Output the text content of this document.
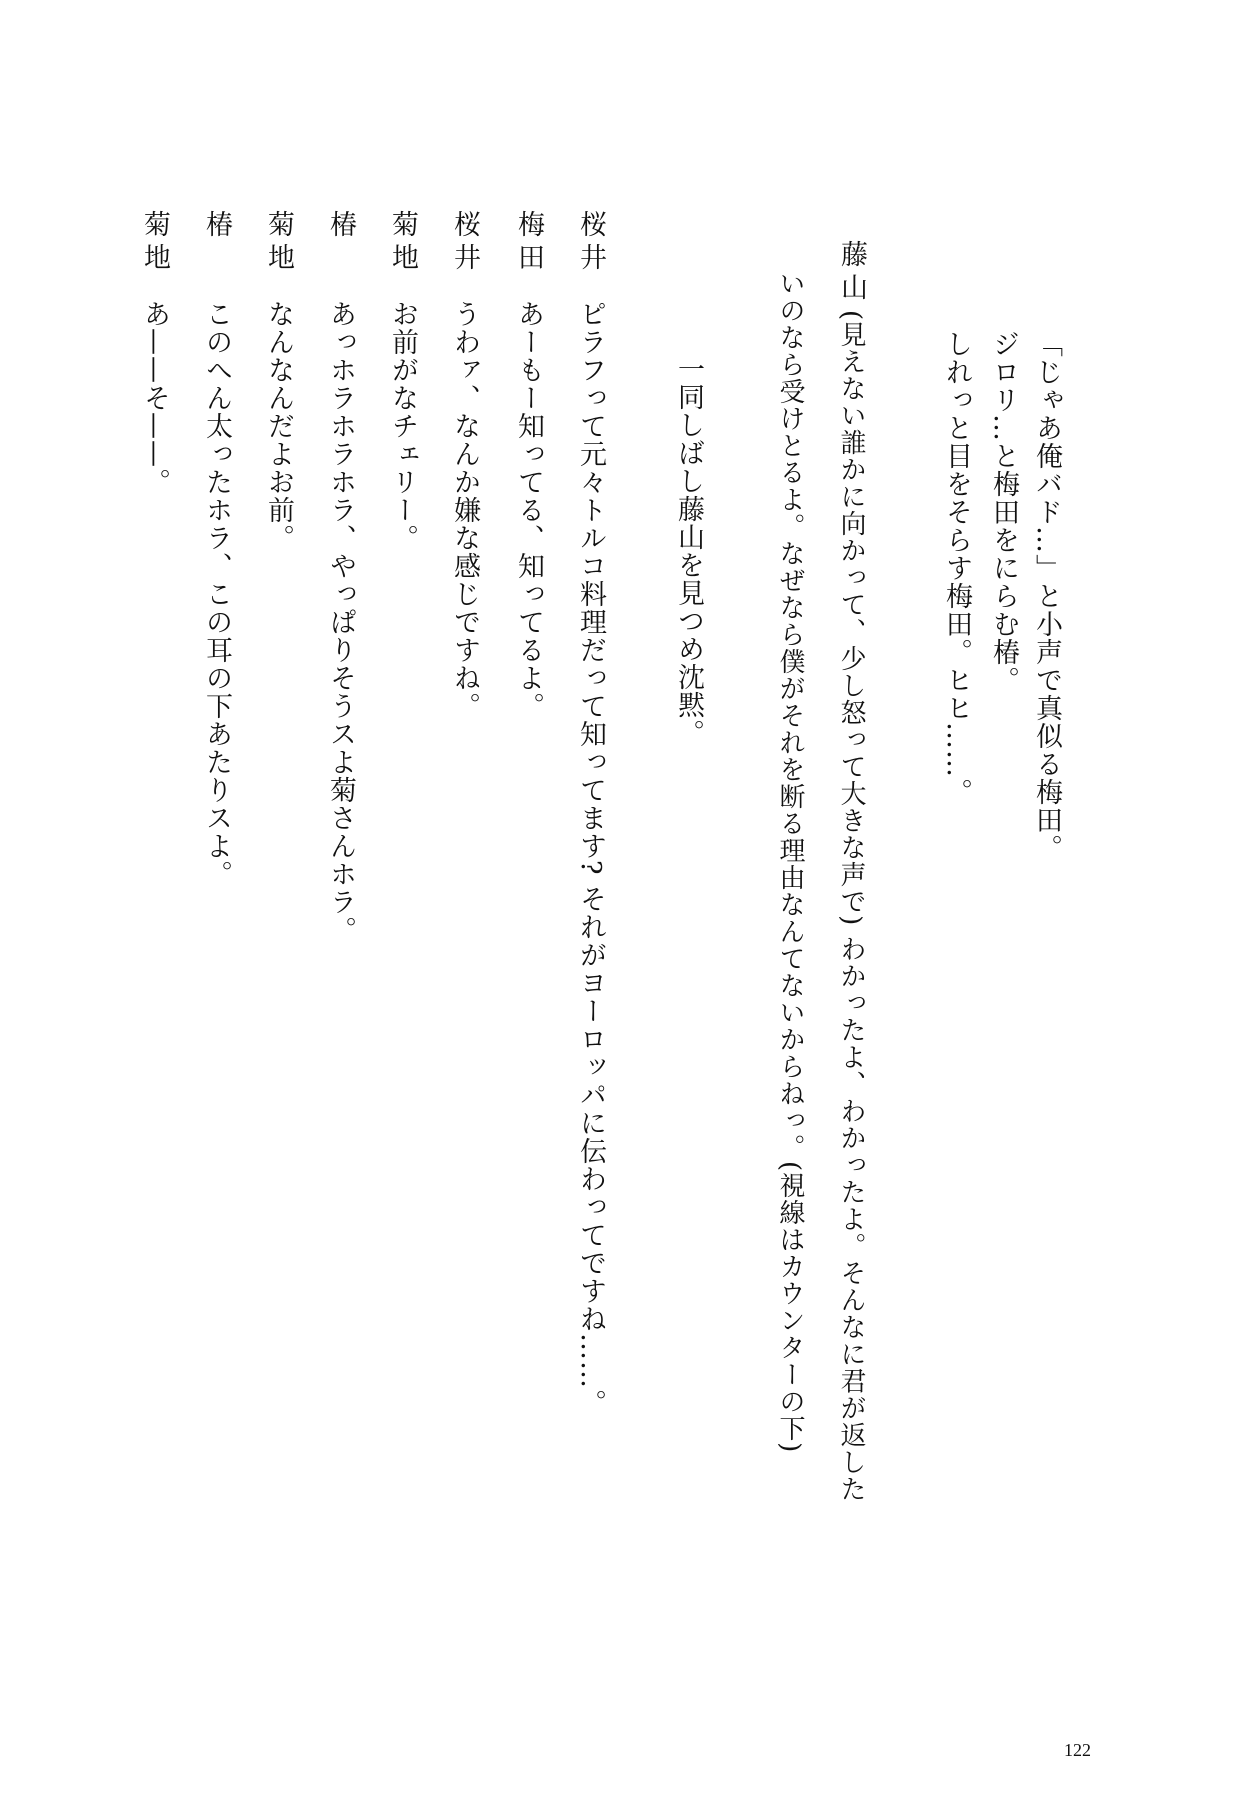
「じゃあ俺バド…」と小声で真似る梅田。
ジロリ…と梅田をにらむ椿。
しれっと目をそらす梅田。ヒヒ……。
藤山
(見えない誰かに向かって、少し怒って大きな声で) わかったよ、わかったよ。そんなに君が返した
いのなら受けとるよ。なぜなら僕がそれを断る理由なんてないからねっ。(視線はカウンターの下)
一同しばし藤山を見つめ沈黙。
桜井
ピラフって元々トルコ料理だって知ってます? それがヨーロッパに伝わってですね……。
梅田
あーもー知ってる、知ってるよ。
桜井
うわァ、なんか嫌な感じですね。
菊地
お前がなチェリー。
椿
あっホラホラホラ、やっぱりそうスよ菊さんホラ。
菊地
なんなんだよお前。
椿
このへん太ったホラ、この耳の下あたりスよ。
菊地
あ——そ——。
122
